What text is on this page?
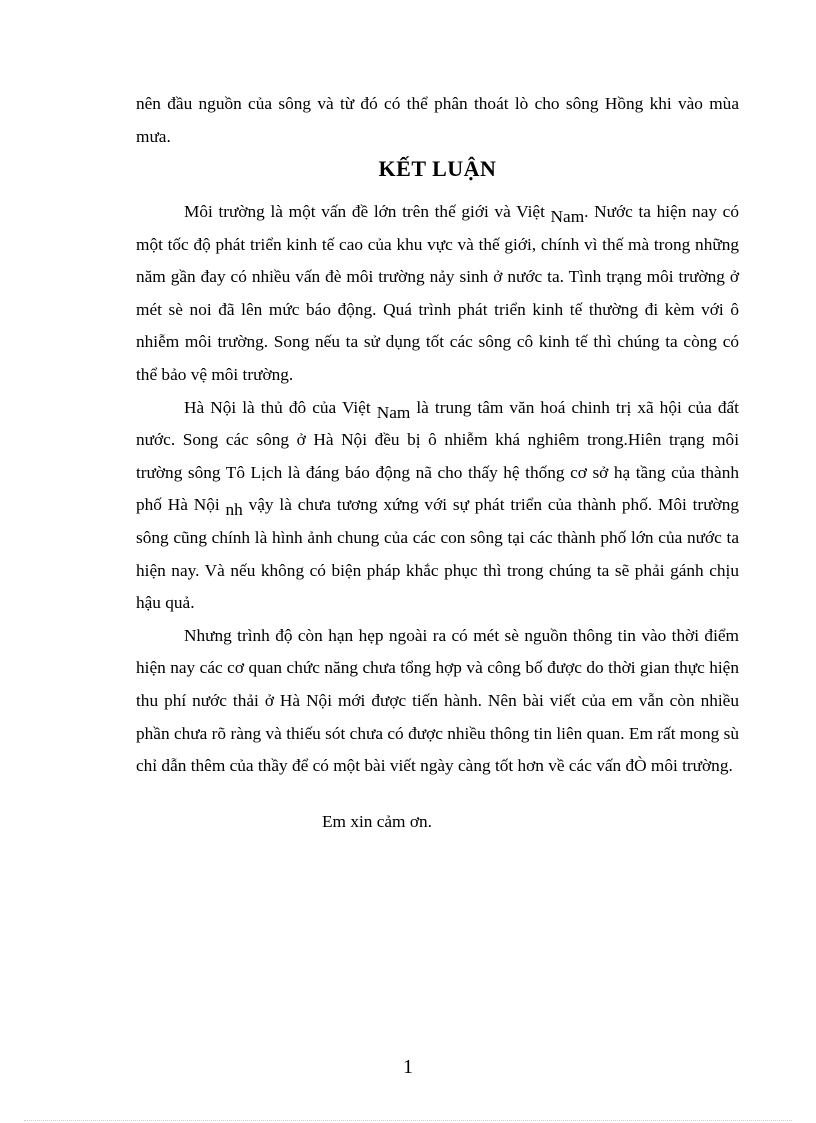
nên đầu nguồn của sông và từ đó có thể phân thoát lò cho sông Hồng khi vào mùa mưa.

KẾT LUẬN

Môi trường là một vấn đề lớn trên thế giới và Việt Nam. Nước ta hiện nay có một tốc độ phát triển kinh tế cao của khu vực và thế giới, chính vì thế mà trong những năm gần đay có nhiều vấn đè môi trường nảy sinh ở nước ta. Tình trạng môi trường ở mét sè noi đã lên mức báo động. Quá trình phát triển kinh tế thường đi kèm với ô nhiễm môi trường. Song nếu ta sử dụng tốt các sông cô kinh tế thì chúng ta còng có thể bảo vệ môi trường.

Hà Nội là thủ đô của Việt Nam là trung tâm văn hoá chinh trị xã hội của đất nước. Song các sông ở Hà Nội đều bị ô nhiễm khá nghiêm trong.Hiên trạng môi trường sông Tô Lịch là đáng báo động nã cho thấy hệ thống cơ sở hạ tầng của thành phố Hà Nội nh vậy là chưa tương xứng với sự phát triển của thành phố. Môi trường sông cũng chính là hình ảnh chung của các con sông tại các thành phố lớn của nước ta hiện nay. Và nếu không có biện pháp khắc phục thì trong chúng ta sẽ phải gánh chịu hậu quả.

Nhưng trình độ còn hạn hẹp ngoài ra có mét sè nguồn thông tin vào thời điểm hiện nay các cơ quan chức năng chưa tổng hợp và công bố được do thời gian thực hiện thu phí nước thải ở Hà Nội mới được tiến hành. Nên bài viết của em vẫn còn nhiều phần chưa rõ ràng và thiếu sót chưa có được nhiều thông tin liên quan. Em rất mong sù chỉ dẫn thêm của thầy để có một bài viết ngày càng tốt hơn về các vấn đÒ môi trường.

Em xin cảm ơn.

1
